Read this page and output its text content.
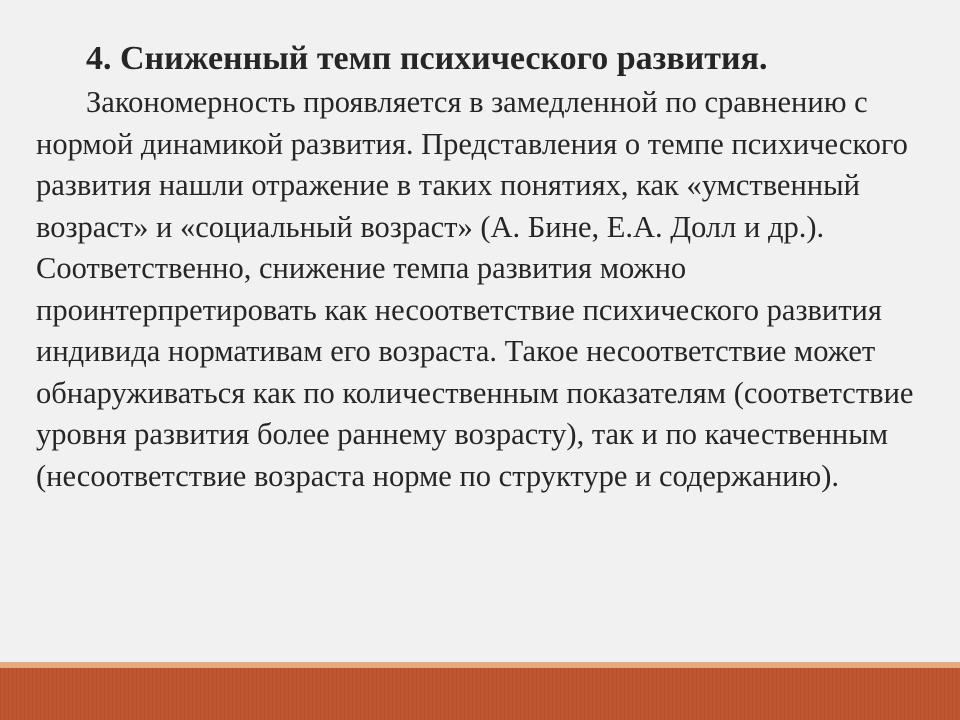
4. Сниженный темп психического развития.

Закономерность проявляется в замедленной по сравнению с нормой динамикой развития. Представления о темпе психического развития нашли отражение в таких понятиях, как «умственный возраст» и «социальный возраст» (А. Бине, Е.А. Долл и др.). Соответственно, снижение темпа развития можно проинтерпретировать как несоответствие психического развития индивида нормативам его возраста. Такое несоответствие может обнаруживаться как по количественным показателям (соответствие уровня развития более раннему возрасту), так и по качественным (несоответствие возраста норме по структуре и содержанию).
